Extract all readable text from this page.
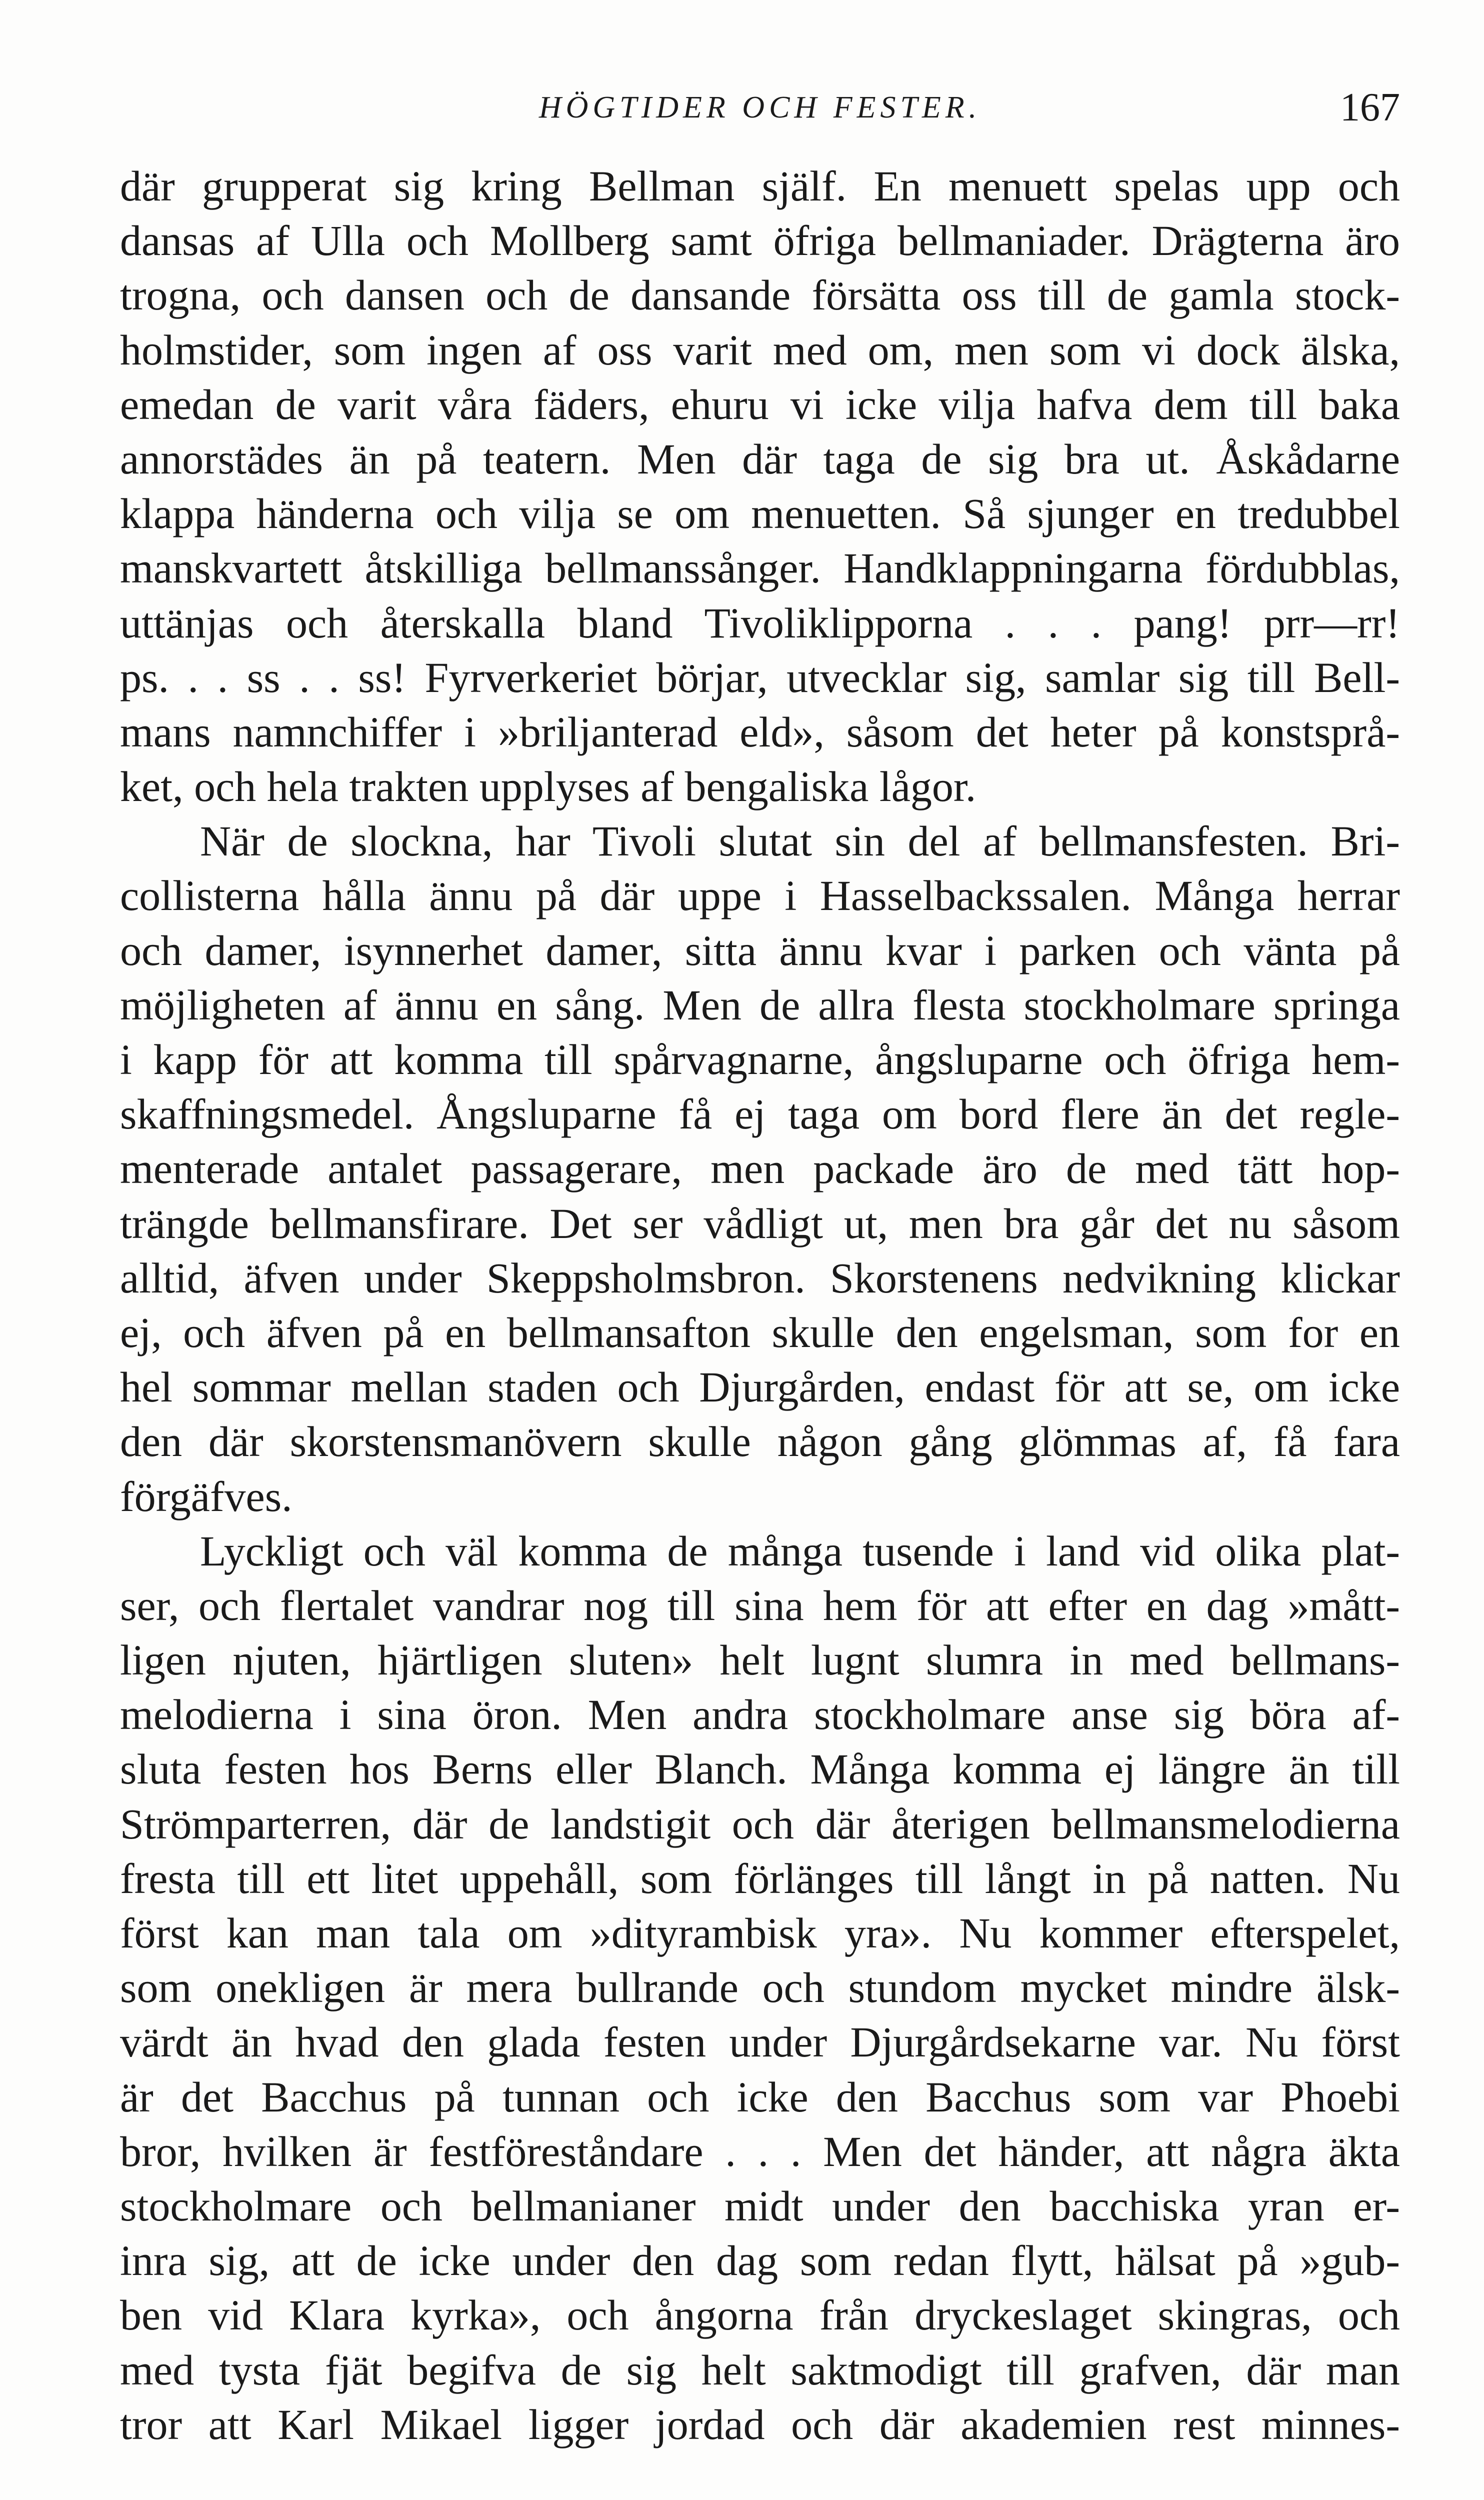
HÖGTIDER OCH FESTER.	167
där grupperat sig kring Bellman själf. En menuett spelas upp och
dansas af Ulla och Mollberg samt öfriga bellmaniader. Drägterna äro
trogna, och dansen och de dansande försätta oss till de gamla stock-
holmstider, som ingen af oss varit med om, men som vi dock älska,
emedan de varit våra fäders, ehuru vi icke vilja hafva dem till baka
annorstädes än på teatern. Men där taga de sig bra ut. Åskådarne
klappa händerna och vilja se om menuetten. Så sjunger en tredubbel
manskvartett åtskilliga bellmanssånger. Handklappningarna fördubblas,
uttänjas och återskalla bland Tivoliklipporna . . . pang! prr—rr!
ps. . . ss . . ss! Fyrverkeriet börjar, utvecklar sig, samlar sig till Bell-
mans namnchiffer i »briljanterad eld», såsom det heter på konstsprå-
ket, och hela trakten upplyses af bengaliska lågor.
När de slockna, har Tivoli slutat sin del af bellmansfesten. Bri-
collisterna hålla ännu på där uppe i Hasselbackssalen. Många herrar
och damer, isynnerhet damer, sitta ännu kvar i parken och vänta på
möjligheten af ännu en sång. Men de allra flesta stockholmare springa
i kapp för att komma till spårvagnarne, ångsluparne och öfriga hem-
skaffningsmedel. Ångsluparne få ej taga om bord flere än det regle-
menterade antalet passagerare, men packade äro de med tätt hop-
trängde bellmansfirare. Det ser vådligt ut, men bra går det nu såsom
alltid, äfven under Skeppsholmsbron. Skorstenens nedvikning klickar
ej, och äfven på en bellmansafton skulle den engelsman, som for en
hel sommar mellan staden och Djurgården, endast för att se, om icke
den där skorstensmanövern skulle någon gång glömmas af, få fara
förgäfves.
Lyckligt och väl komma de många tusende i land vid olika plat-
ser, och flertalet vandrar nog till sina hem för att efter en dag »mått-
ligen njuten, hjärtligen sluten» helt lugnt slumra in med bellmans-
melodierna i sina öron. Men andra stockholmare anse sig böra af-
sluta festen hos Berns eller Blanch. Många komma ej längre än till
Strömparterren, där de landstigit och där återigen bellmansmelodierna
fresta till ett litet uppehåll, som förlänges till långt in på natten. Nu
först kan man tala om »dityrambisk yra». Nu kommer efterspelet,
som onekligen är mera bullrande och stundom mycket mindre älsk-
värdt än hvad den glada festen under Djurgårdsekarne var. Nu först
är det Bacchus på tunnan och icke den Bacchus som var Phoebi
bror, hvilken är festföreståndare . . . Men det händer, att några äkta
stockholmare och bellmanianer midt under den bacchiska yran er-
inra sig, att de icke under den dag som redan flytt, hälsat på »gub-
ben vid Klara kyrka», och ångorna från dryckeslaget skingras, och
med tysta fjät begifva de sig helt saktmodigt till grafven, där man
tror att Karl Mikael ligger jordad och där akademien rest minnes-
